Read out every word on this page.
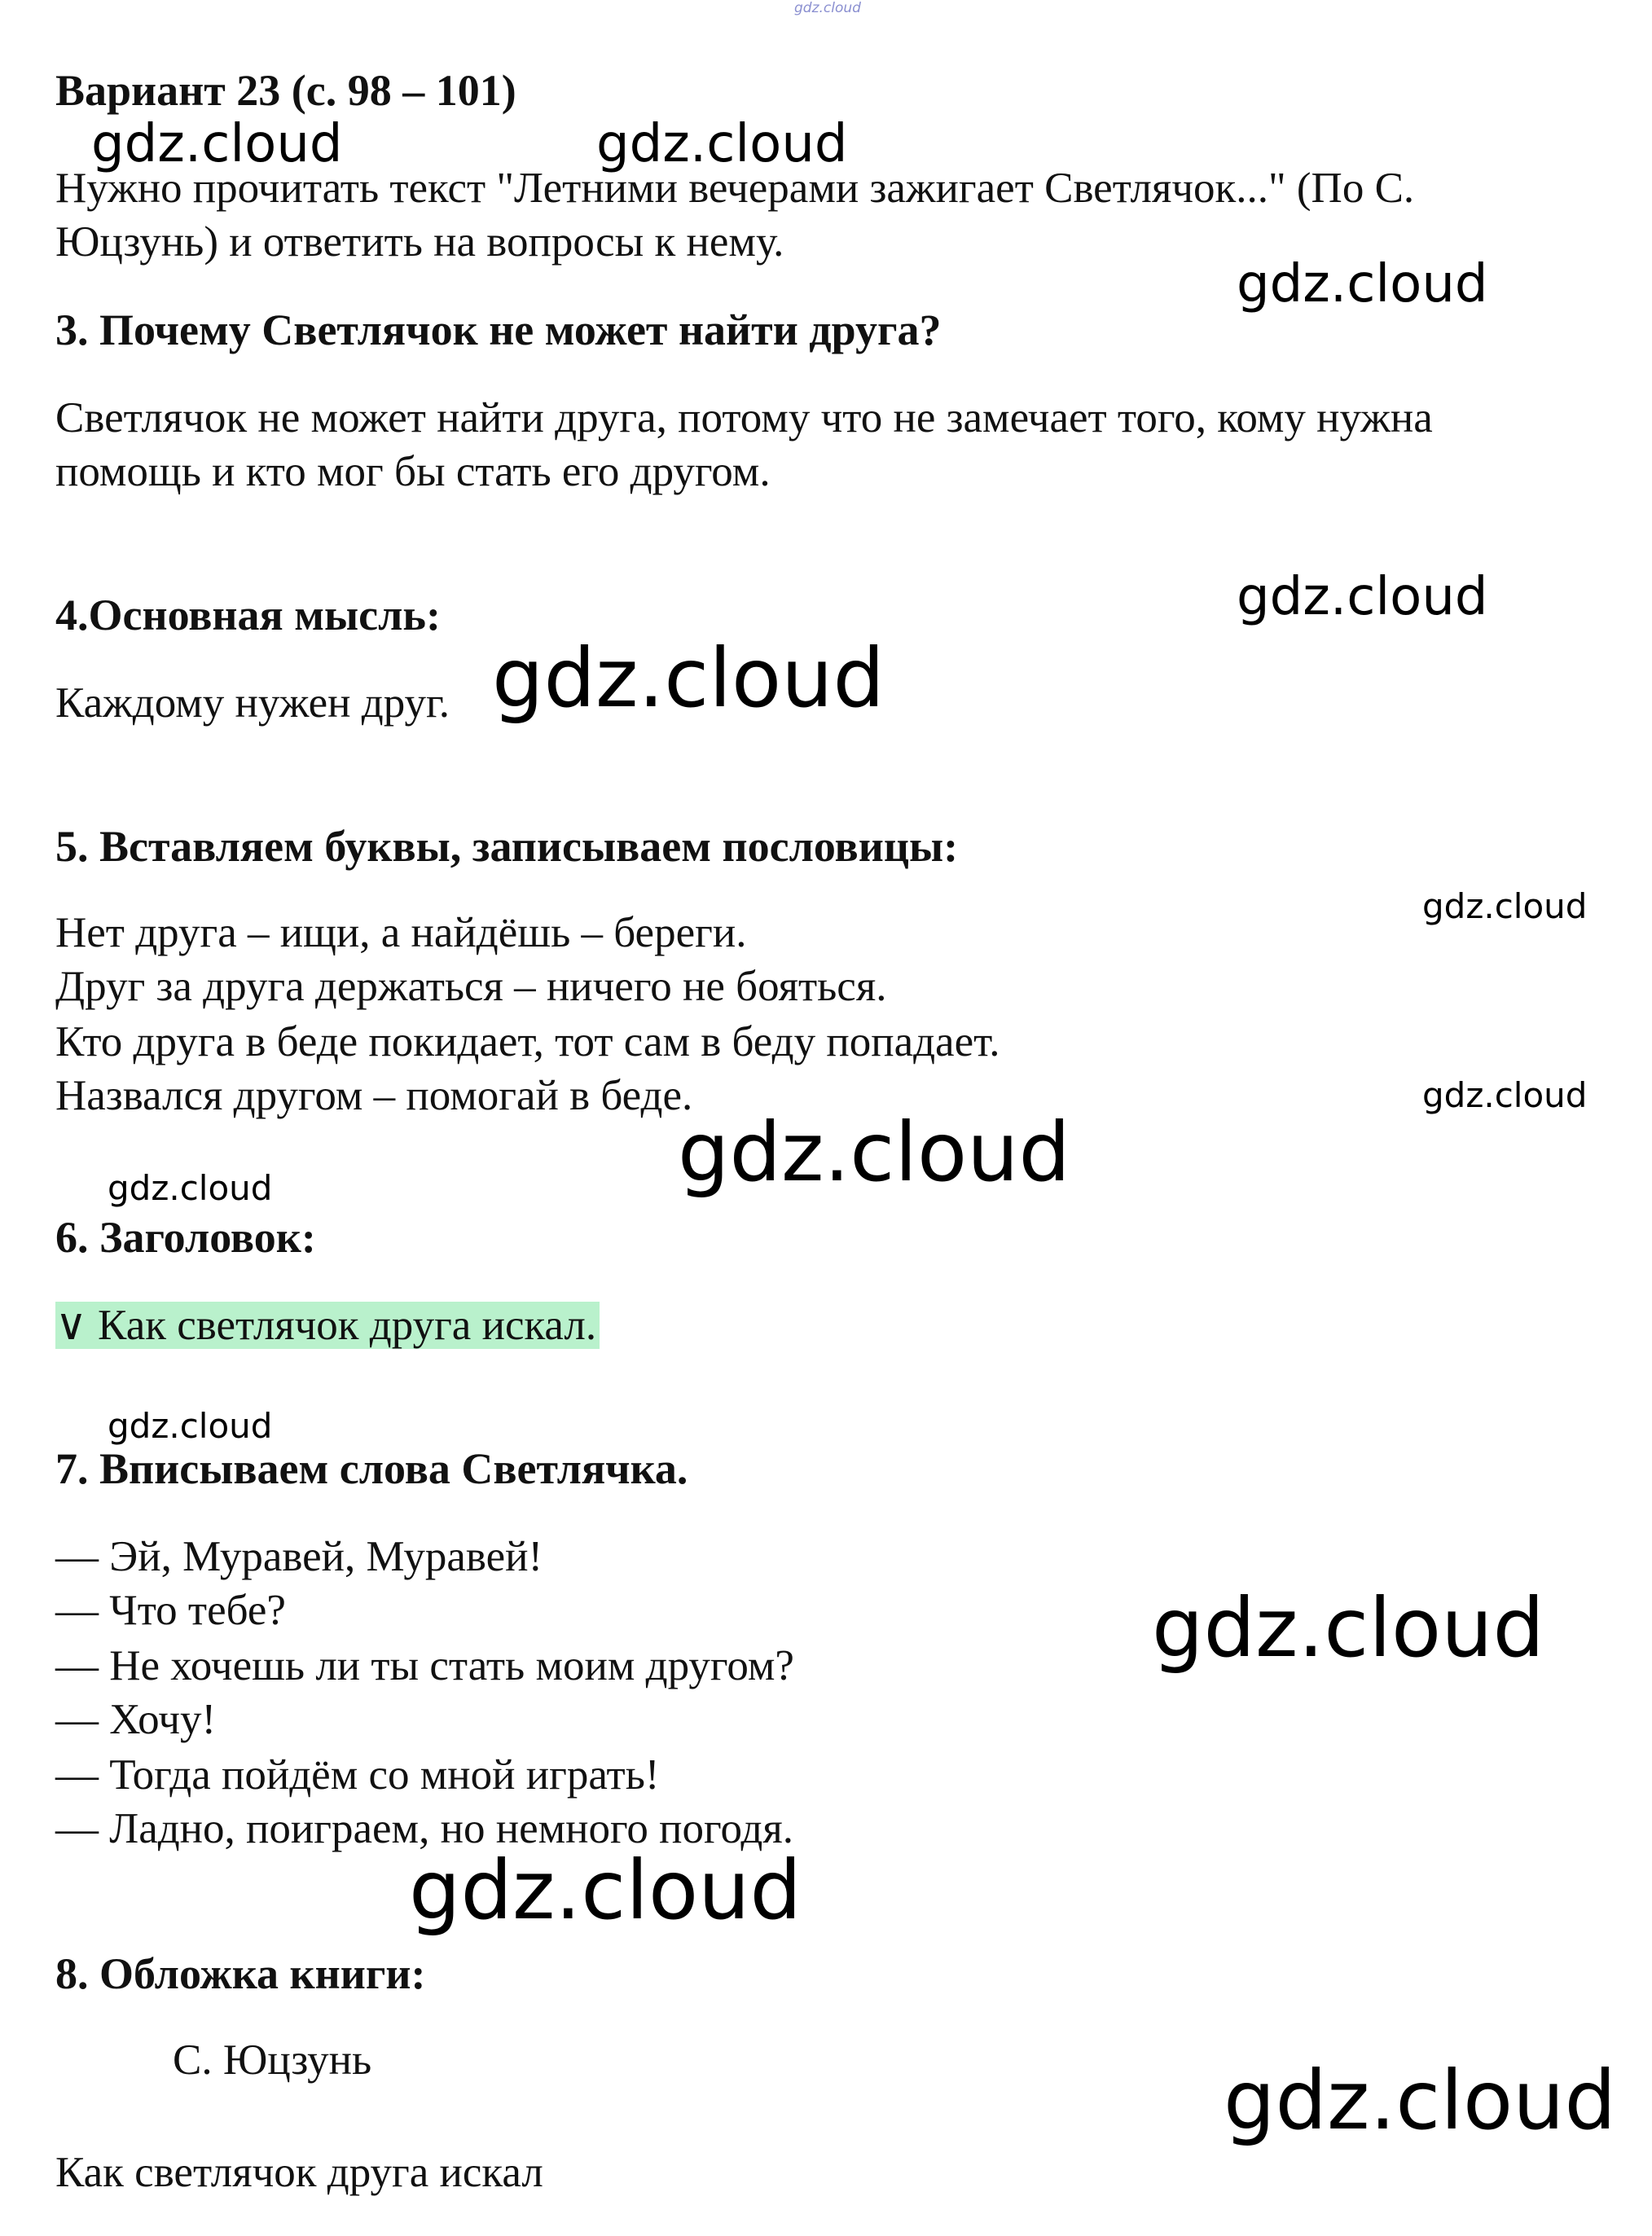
gdz.cloud
Вариант 23 (с. 98 – 101)
Нужно прочитать текст "Летними вечерами зажигает Светлячок..." (По С.
Юцзунь) и ответить на вопросы к нему.
3. Почему Светлячок не может найти друга?
Светлячок не может найти друга, потому что не замечает того, кому нужна
помощь и кто мог бы стать его другом.
4.Основная мысль:
Каждому нужен друг.
5. Вставляем буквы, записываем пословицы:
Нет друга – ищи, а найдёшь – береги.
Друг за друга держаться – ничего не бояться.
Кто друга в беде покидает, тот сам в беду попадает.
Назвался другом – помогай в беде.
6. Заголовок:
∨ Как светлячок друга искал.
7. Вписываем слова Светлячка.
— Эй, Муравей, Муравей!
— Что тебе?
— Не хочешь ли ты стать моим другом?
— Хочу!
— Тогда пойдём со мной играть!
— Ладно, поиграем, но немного погодя.
8. Обложка книги:
С. Юцзунь
Как светлячок друга искал
gdz.cloud	gdz.cloud
gdz.cloud
gdz.cloud
gdz.cloud
gdz.cloud
gdz.cloud
gdz.cloud
gdz.cloud
gdz.cloud
gdz.cloud
gdz.cloud
gdz.cloud
